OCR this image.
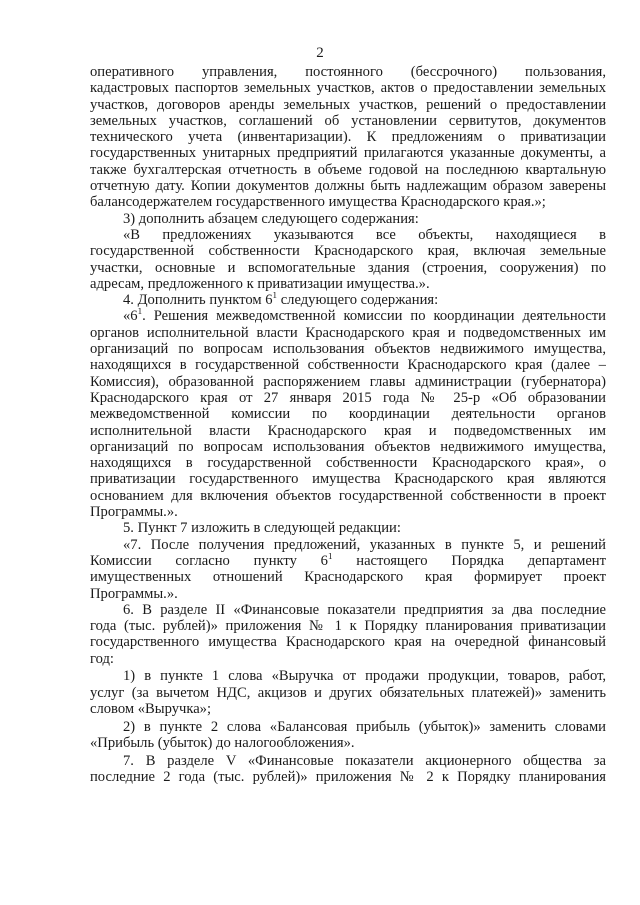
2
оперативного управления, постоянного (бессрочного) пользования,
кадастровых паспортов земельных участков, актов о предоставлении земельных
участков, договоров аренды земельных участков, решений о предоставлении
земельных участков, соглашений об установлении сервитутов, документов
технического учета (инвентаризации). К предложениям о приватизации
государственных унитарных предприятий прилагаются указанные документы, а
также бухгалтерская отчетность в объеме годовой на последнюю квартальную
отчетную дату. Копии документов должны быть надлежащим образом заверены
балансодержателем государственного имущества Краснодарского края.»;
3) дополнить абзацем следующего содержания:
«В предложениях указываются все объекты, находящиеся в
государственной собственности Краснодарского края, включая земельные
участки, основные и вспомогательные здания (строения, сооружения) по
адресам, предложенного к приватизации имущества.».
4. Дополнить пунктом $6^1$ следующего содержания:
«$6^1$. Решения межведомственной комиссии по координации деятельности
органов исполнительной власти Краснодарского края и подведомственных им
организаций по вопросам использования объектов недвижимого имущества,
находящихся в государственной собственности Краснодарского края (далее –
Комиссия), образованной распоряжением главы администрации (губернатора)
Краснодарского края от 27 января 2015 года № 25-р «Об образовании
межведомственной комиссии по координации деятельности органов
исполнительной власти Краснодарского края и подведомственных им
организаций по вопросам использования объектов недвижимого имущества,
находящихся в государственной собственности Краснодарского края», о
приватизации государственного имущества Краснодарского края являются
основанием для включения объектов государственной собственности в проект
Программы.».
5. Пункт 7 изложить в следующей редакции:
«7. После получения предложений, указанных в пункте 5, и решений
Комиссии согласно пункту $6^1$ настоящего Порядка департамент
имущественных отношений Краснодарского края формирует проект
Программы.».
6. В разделе II «Финансовые показатели предприятия за два последние
года (тыс. рублей)» приложения № 1 к Порядку планирования приватизации
государственного имущества Краснодарского края на очередной финансовый
год:
1) в пункте 1 слова «Выручка от продажи продукции, товаров, работ,
услуг (за вычетом НДС, акцизов и других обязательных платежей)» заменить
словом «Выручка»;
2) в пункте 2 слова «Балансовая прибыль (убыток)» заменить словами
«Прибыль (убыток) до налогообложения».
7. В разделе V «Финансовые показатели акционерного общества за
последние 2 года (тыс. рублей)» приложения № 2 к Порядку планирования
